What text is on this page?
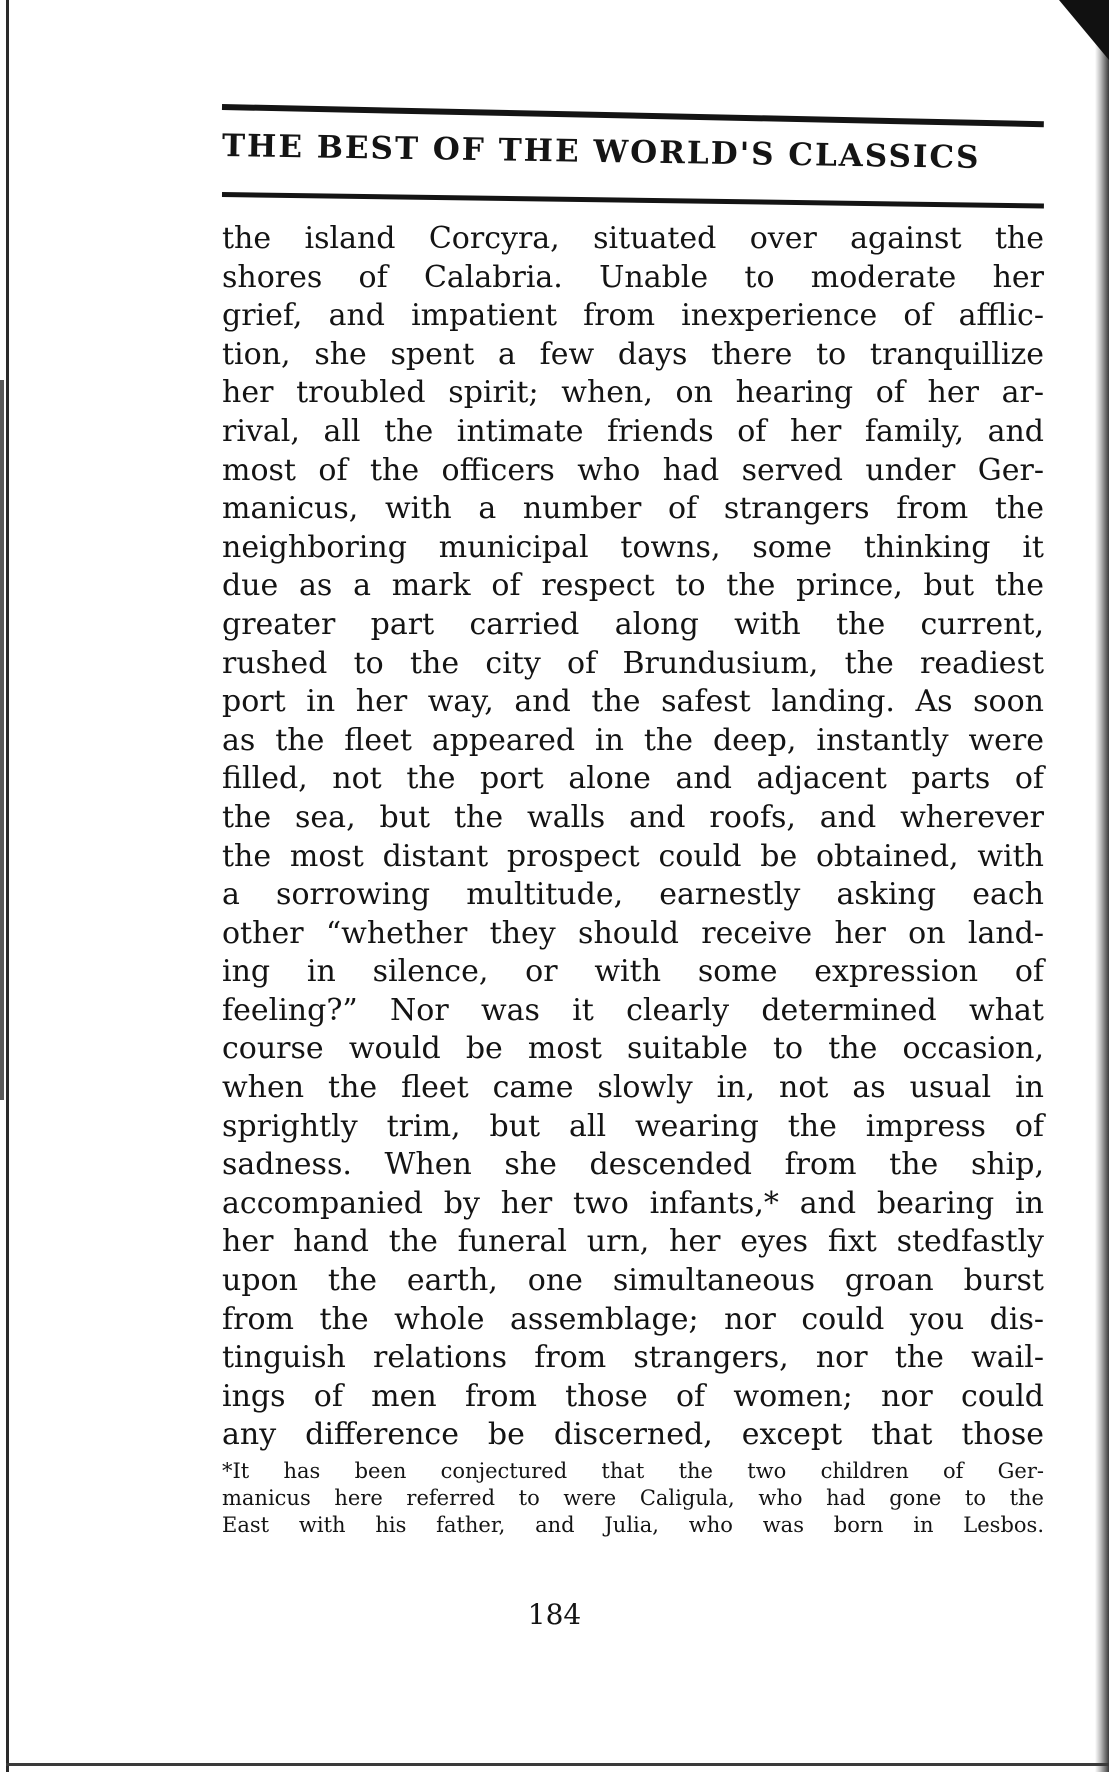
THE BEST OF THE WORLD'S CLASSICS

the island Corcyra, situated over against the
shores of Calabria. Unable to moderate her
grief, and impatient from inexperience of afflic-
tion, she spent a few days there to tranquillize
her troubled spirit; when, on hearing of her ar-
rival, all the intimate friends of her family, and
most of the officers who had served under Ger-
manicus, with a number of strangers from the
neighboring municipal towns, some thinking it
due as a mark of respect to the prince, but the
greater part carried along with the current,
rushed to the city of Brundusium, the readiest
port in her way, and the safest landing. As soon
as the fleet appeared in the deep, instantly were
filled, not the port alone and adjacent parts of
the sea, but the walls and roofs, and wherever
the most distant prospect could be obtained, with
a sorrowing multitude, earnestly asking each
other “whether they should receive her on land-
ing in silence, or with some expression of
feeling?” Nor was it clearly determined what
course would be most suitable to the occasion,
when the fleet came slowly in, not as usual in
sprightly trim, but all wearing the impress of
sadness. When she descended from the ship,
accompanied by her two infants,* and bearing in
her hand the funeral urn, her eyes fixt stedfastly
upon the earth, one simultaneous groan burst
from the whole assemblage; nor could you dis-
tinguish relations from strangers, nor the wail-
ings of men from those of women; nor could
any difference be discerned, except that those
*It has been conjectured that the two children of Ger-
manicus here referred to were Caligula, who had gone to the
East with his father, and Julia, who was born in Lesbos.

184
